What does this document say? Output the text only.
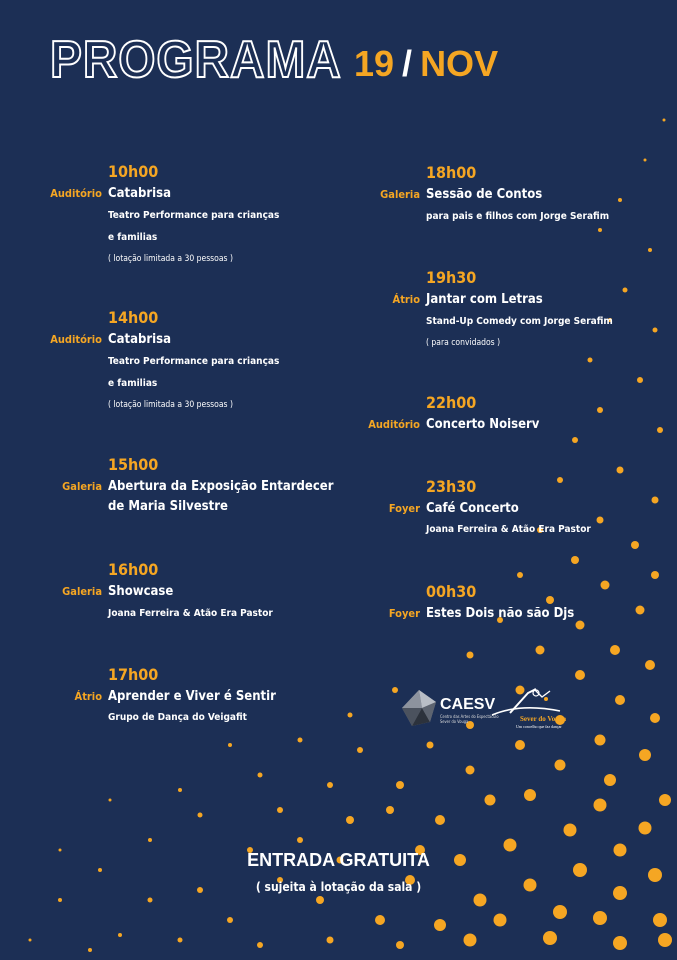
PROGRAMA 19 / NOV
10h00
Auditório Catabrisa
Teatro Performance para crianças
e familias
( lotação limitada a 30 pessoas )
14h00
Auditório Catabrisa
Teatro Performance para crianças
e familias
( lotação limitada a 30 pessoas )
15h00
Galeria Abertura da Exposição Entardecer
de Maria Silvestre
16h00
Galeria Showcase
Joana Ferreira & Atão Era Pastor
17h00
Átrio Aprender e Viver é Sentir
Grupo de Dança do Veigafit
18h00
Galeria Sessão de Contos
para pais e filhos com Jorge Serafim
19h30
Átrio Jantar com Letras
Stand-Up Comedy com Jorge Serafim
( para convidados )
22h00
Auditório Concerto Noiserv
23h30
Foyer Café Concerto
Joana Ferreira & Atão Era Pastor
00h30
Foyer Estes Dois não são Djs
CAESV
Centro das Artes do Espectáculo Sever do Vouga	Sever do Vouga
Um concelho que faz dançar
ENTRADA GRATUITA
( sujeita à lotação da sala )
